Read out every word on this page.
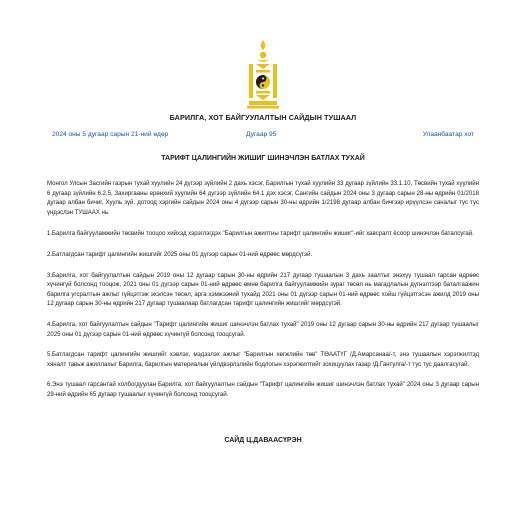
БАРИЛГА, ХОТ БАЙГУУЛАЛТЫН САЙДЫН ТУШААЛ
2024 оны 5 дугаар сарын 21-ний өдөр	Дугаар 95	Улаанбаатар хот
ТАРИФТ ЦАЛИНГИЙН ЖИШИГ ШИНЭЧЛЭН БАТЛАХ ТУХАЙ

Монгол Улсын Засгийн газрын тухай хуулийн 24 дүгээр зүйлийн 2 дахь хэсэг, Барилгын тухай хуулийн 33 дугаар зүйлийн 33.1.10, Төсвийн тухай хуулийн 6 дугаар зүйлийн 6.2.5, Захиргааны ерөнхий хуулийн 64 дүгээр зүйлийн 64.1 дэх хэсэг, Сангийн сайдын 2024 оны 3 дугаар сарын 28-ны өдрийн 01/2018 дугаар албан бичиг, Хууль зүй, дотоод хэргийн сайдын 2024 оны 4 дүгээр сарын 30-ны өдрийн 1/2198 дугаар албан бичгээр ирүүлсэн саналыг тус тус үндэслэн ТУШААХ нь:

1.Барилга байгууламжийн төсвийн тооцоо хийхэд хэрэглэгдэх "Барилгын ажилтны тарифт цалингийн жишиг"-ийг хавсралт ёсоор шинэчлэн баталсугай.

2.Батлагдсан тарифт цалингийн жишгийг 2025 оны 01 дүгээр сарын 01-ний өдрөөс мөрдсүгэй.

3.Барилга, хот байгуулалтын сайдын 2019 оны 12 дугаар сарын 30-ны өдрийн 217 дугаар тушаалын 3 дахь заалтыг энэхүү тушаал гарсан өдрөөс хүчингүй болсонд тооцож, 2021 оны 01 дүгээр сарын 01-ний өдрөөс өмнө барилга байгууламжийн зураг төсөл нь магадлалын дүгнэлтээр баталгаажин барилга угсралтын ажлыг гүйцэтгэж эхэлсэн төсөл, арга хэмжээний тухайд 2021 оны 01 дүгээр сарын 01-ний өдрөөс хойш гүйцэтгэсэн ажилд 2019 оны 12 дугаар сарын 30-ны өдрийн 217 дугаар тушаалаар батлагдсан тарифт цалингийн жишгийг мөрдсүгэй.

4.Барилга, хот байгуулалтын сайдын "Тарифт цалингийн жишиг шинэчлэн батлах тухай" 2019 оны 12 дугаар сарын 30-ны өдрийн 217 дугаар тушаалыг 2025 оны 01 дүгээр сарын 01-ний өдрөөс хүчингүй болсонд тооцсугай.

5.Батлагдсан тарифт цалингийн жишгийг хэвлэх, мэдээлэх ажлыг "Барилгын хөгжлийн төв" ТӨААТҮГ /Д.Амарсанаа/-т, энэ тушаалын хэрэгжилтэд хяналт тавьж ажиллахыг Барилга, барилгын материалын үйлдвэрлэлийн бодлогын хэрэгжилтийг зохицуулах газар /Д.Гантулга/-т тус тус даалгасугай.

6.Энэ тушаал гарсантай холбогдуулан Барилга, хот байгуулалтын сайдын "Тарифт цалингийн жишиг шинэчлэн батлах тухай" 2024 оны 3 дугаар сарын 29-ний өдрийн 65 дугаар тушаалыг хүчингүй болсонд тооцсугай.

САЙД Ц.ДАВААСҮРЭН
